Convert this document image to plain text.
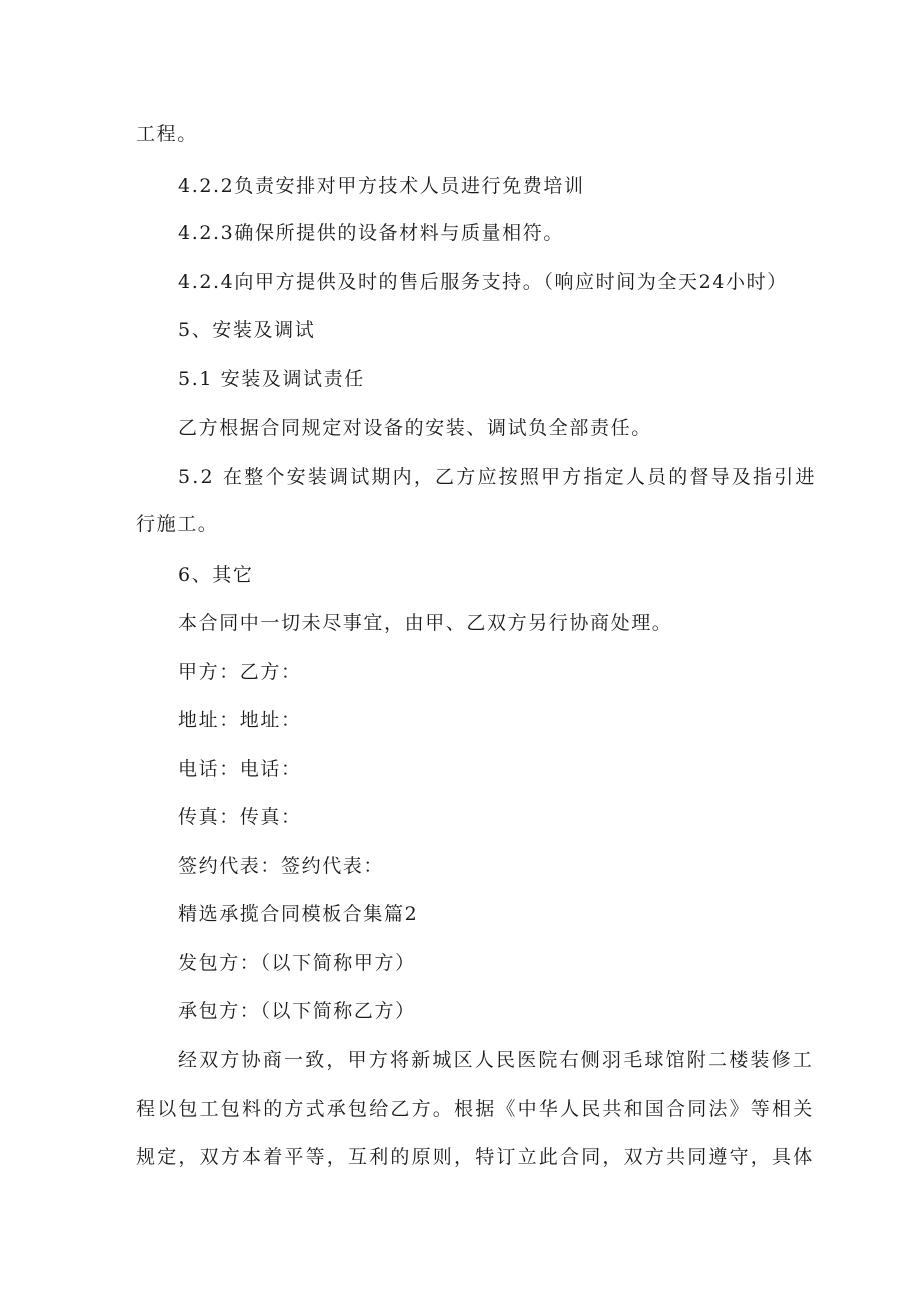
工程。

4.2.2负责安排对甲方技术人员进行免费培训

4.2.3确保所提供的设备材料与质量相符。

4.2.4向甲方提供及时的售后服务支持。（响应时间为全天24小时）

5、安装及调试

5.1 安装及调试责任

乙方根据合同规定对设备的安装、调试负全部责任。

5.2 在整个安装调试期内，乙方应按照甲方指定人员的督导及指引进

行施工。

6、其它

本合同中一切未尽事宜，由甲、乙双方另行协商处理。

甲方：乙方：

地址：地址：

电话：电话：

传真：传真：

签约代表：签约代表：

精选承揽合同模板合集篇2

发包方：（以下简称甲方）

承包方：（以下简称乙方）

经双方协商一致，甲方将新城区人民医院右侧羽毛球馆附二楼装修工

程以包工包料的方式承包给乙方。根据《中华人民共和国合同法》等相关

规定，双方本着平等，互利的原则，特订立此合同，双方共同遵守，具体
